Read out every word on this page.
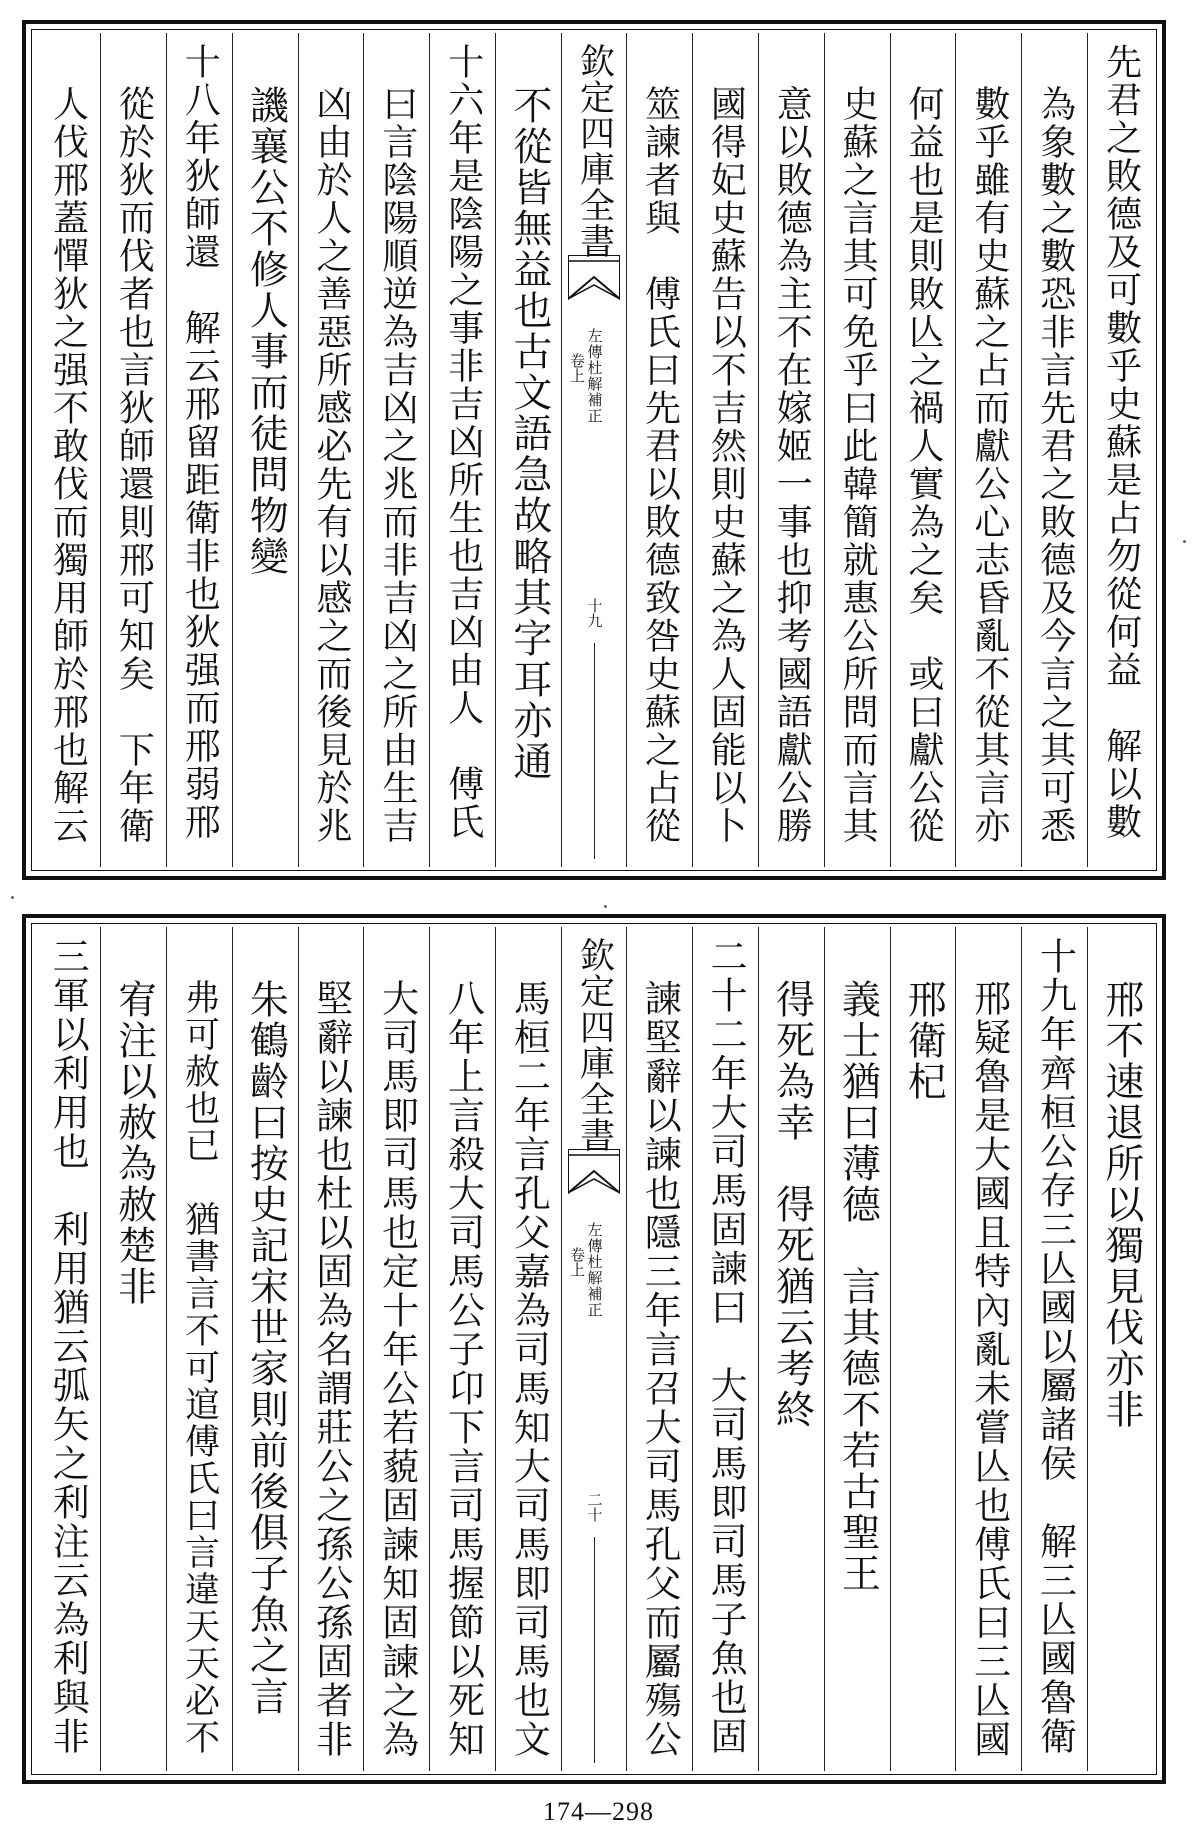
先君之敗德及可數乎史蘇是占勿從何益　解以數
為象數之數恐非言先君之敗德及今言之其可悉
數乎雖有史蘇之占而獻公心志昏亂不從其言亦
何益也是則敗亾之禍人實為之矣　或曰獻公從
史蘇之言其可免乎曰此韓簡就惠公所問而言其
意以敗德為主不在嫁姬一事也抑考國語獻公勝
國得妃史蘇告以不吉然則史蘇之為人固能以卜
筮諫者與　傅氏曰先君以敗德致咎史蘇之占從
欽定四庫全書
左傳杜解補正
卷上
十九
不從皆無益也古文語急故略其字耳亦通
十六年是陰陽之事非吉凶所生也吉凶由人　傅氏
曰言陰陽順逆為吉凶之兆而非吉凶之所由生吉
凶由於人之善惡所感必先有以感之而後見於兆
譏襄公不修人事而徒問物變
十八年狄師還　解云邢留距衛非也狄强而邢弱邢
從於狄而伐者也言狄師還則邢可知矣　下年衛
人伐邢蓋憚狄之强不敢伐而獨用師於邢也解云
邢不速退所以獨見伐亦非
十九年齊桓公存三亾國以屬諸侯　解三亾國魯衛
邢疑魯是大國且特內亂未嘗亾也傅氏曰三亾國
邢衛杞
義士猶曰薄德　言其德不若古聖王
得死為幸　得死猶云考終
二十二年大司馬固諫曰　大司馬即司馬子魚也固
諫堅辭以諫也隱三年言召大司馬孔父而屬殤公
欽定四庫全書
左傳杜解補正
卷上
二十
馬桓二年言孔父嘉為司馬知大司馬即司馬也文
八年上言殺大司馬公子卬下言司馬握節以死知
大司馬即司馬也定十年公若藐固諫知固諫之為
堅辭以諫也杜以固為名謂莊公之孫公孫固者非
朱鶴齡曰按史記宋世家則前後俱子魚之言
弗可赦也已　猶書言不可逭傅氏曰言違天天必不
宥注以赦為赦楚非
三軍以利用也　利用猶云弧矢之利注云為利與非
174—298
